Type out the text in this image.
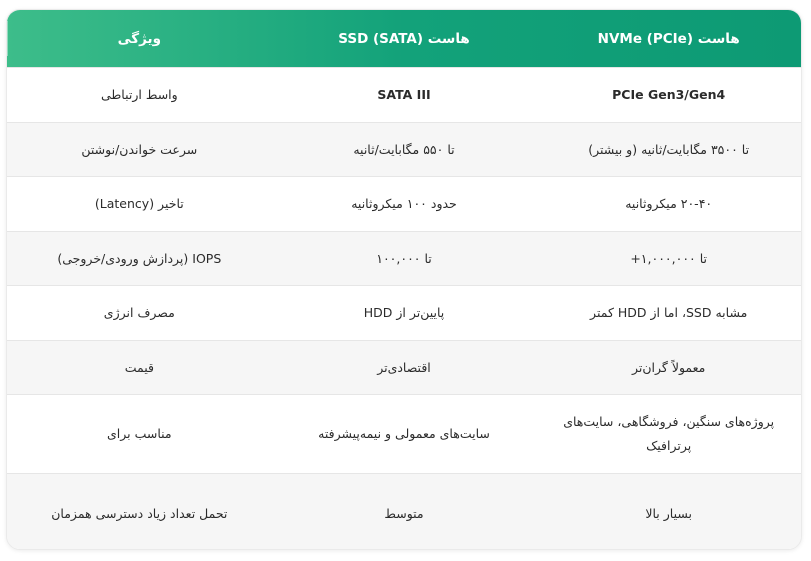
هاست NVMe (PCIe)
هاست SSD (SATA)
ویژگی
PCIe Gen3/Gen4
SATA III
واسط ارتباطی
تا ۳۵۰۰ مگابایت/ثانیه (و بیشتر)
تا ۵۵۰ مگابایت/ثانیه
سرعت خواندن/نوشتن
۲۰-۴۰ میکروثانیه
حدود ۱۰۰ میکروثانیه
تاخیر (Latency)
تا ۱,۰۰۰,۰۰۰+
تا ۱۰۰,۰۰۰
IOPS (پردازش ورودی/خروجی)
مشابه SSD، اما از HDD کمتر
پایین‌تر از HDD
مصرف انرژی
معمولاً گران‌تر
اقتصادی‌تر
قیمت
پروژه‌های سنگین، فروشگاهی، سایت‌های پرترافیک
سایت‌های معمولی و نیمه‌پیشرفته
مناسب برای
بسیار بالا
متوسط
تحمل تعداد زیاد دسترسی همزمان
